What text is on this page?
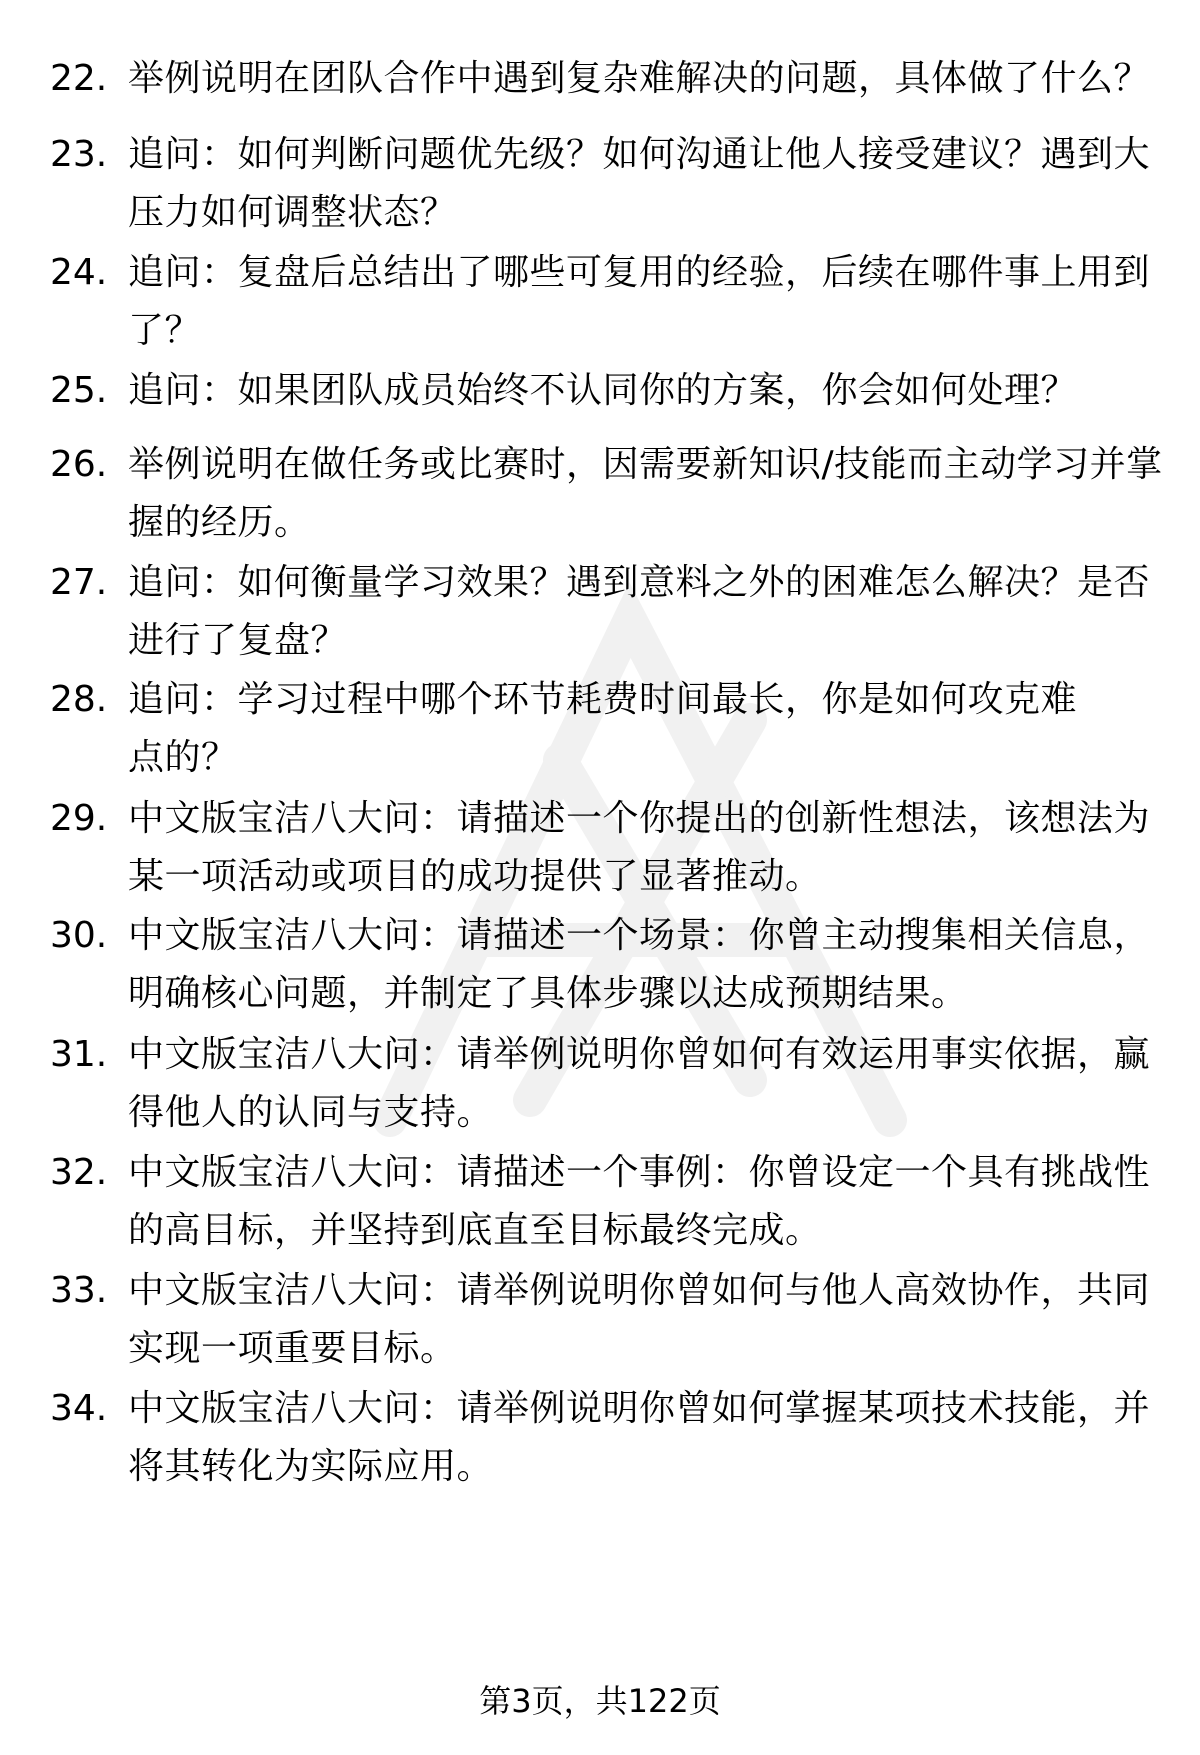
22. 举例说明在团队合作中遇到复杂难解决的问题，具体做了什么？
23. 追问：如何判断问题优先级？如何沟通让他人接受建议？遇到大压力如何调整状态？
24. 追问：复盘后总结出了哪些可复用的经验，后续在哪件事上用到了？
25. 追问：如果团队成员始终不认同你的方案，你会如何处理？
26. 举例说明在做任务或比赛时，因需要新知识/技能而主动学习并掌握的经历。
27. 追问：如何衡量学习效果？遇到意料之外的困难怎么解决？是否进行了复盘？
28. 追问：学习过程中哪个环节耗费时间最长，你是如何攻克难点的？
29. 中文版宝洁八大问：请描述一个你提出的创新性想法，该想法为某一项活动或项目的成功提供了显著推动。
30. 中文版宝洁八大问：请描述一个场景：你曾主动搜集相关信息，明确核心问题，并制定了具体步骤以达成预期结果。
31. 中文版宝洁八大问：请举例说明你曾如何有效运用事实依据，赢得他人的认同与支持。
32. 中文版宝洁八大问：请描述一个事例：你曾设定一个具有挑战性的高目标，并坚持到底直至目标最终完成。
33. 中文版宝洁八大问：请举例说明你曾如何与他人高效协作，共同实现一项重要目标。
34. 中文版宝洁八大问：请举例说明你曾如何掌握某项技术技能，并将其转化为实际应用。
第3页，共122页
